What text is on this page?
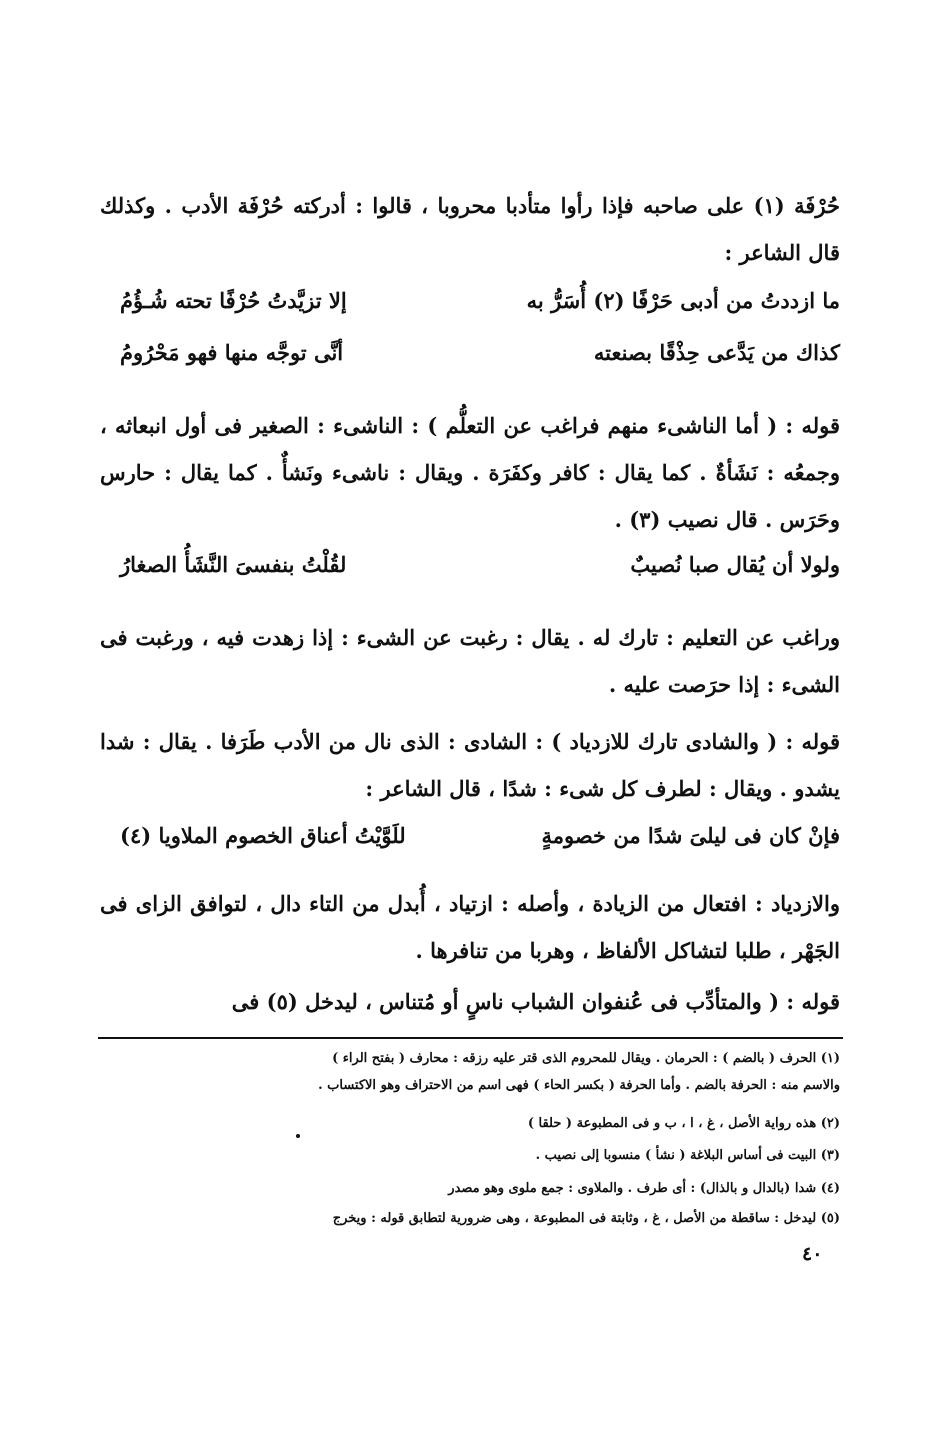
حُرْفَة (١) على صاحبه فإذا رأوا متأدبا محروبا ، قالوا : أدركته حُرْفَة الأدب . وكذلك قال الشاعر :
ما ازددتُ من أدبى حَرْفًا (٢) أُسَرُّ به
إلا تزيَّدتُ حُرْفًا تحته شُـؤُمُ
كذاك من يَدَّعى حِذْقًا بصنعته
أنَّى توجَّه منها فهو مَحْرُومُ
قوله : ( أما الناشىء منهم فراغب عن التعلُّم ) : الناشىء : الصغير فى أول انبعاثه ، وجمعُه : نَشَأةٌ . كما يقال : كافر وكفَرَة . ويقال : ناشىء ونَشأٌ . كما يقال : حارس وحَرَس . قال نصيب (٣) .
ولولا أن يُقال صبا نُصيبٌ
لقُلْتُ بنفسىَ النَّشَأُ الصغارُ
وراغب عن التعليم : تارك له . يقال : رغبت عن الشىء : إذا زهدت فيه ، ورغبت فى الشىء : إذا حرَصت عليه .
قوله : ( والشادى تارك للازدياد ) : الشادى : الذى نال من الأدب طَرَفا . يقال : شدا يشدو . ويقال : لطرف كل شىء : شدًا ، قال الشاعر :
فإنْ كان فى ليلىَ شدًا من خصومةٍ
للَوَّيْتُ أعناق الخصوم الملاويا (٤)
والازدياد : افتعال من الزيادة ، وأصله : ازتياد ، أُبدل من التاء دال ، لتوافق الزاى فى الجَهْر ، طلبا لتشاكل الألفاظ ، وهربا من تنافرها .
قوله : ( والمتأدِّب فى عُنفوان الشباب ناسٍ أو مُتناس ، ليدخل (٥) فى
(١) الحرف ( بالضم ) : الحرمان . ويقال للمحروم الذى قتر عليه رزقه : محارف ( بفتح الراء )
والاسم منه : الحرفة بالضم . وأما الحرفة ( بكسر الحاء ) فهى اسم من الاحتراف وهو الاكتساب .
(٢) هذه رواية الأصل ، غ ، ا ، ب و فى المطبوعة ( حلقا )
(٣) البيت فى أساس البلاغة ( نشأ ) منسوبا إلى نصيب .
(٤) شدا (بالدال و بالذال) : أى طرف . والملاوى : جمع ملوى وهو مصدر
(٥) ليدخل : ساقطة من الأصل ، غ ، وثابتة فى المطبوعة ، وهى ضرورية لتطابق قوله : ويخرج
٤٠
